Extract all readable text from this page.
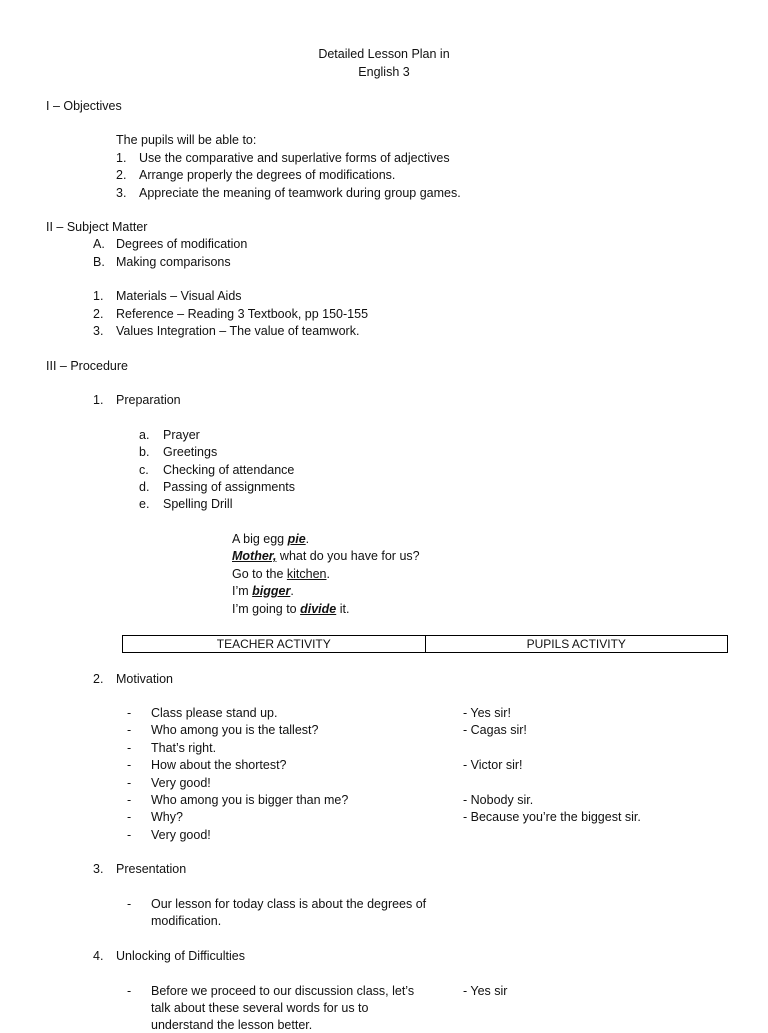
Detailed Lesson Plan in
English 3
I – Objectives
The pupils will be able to:
1. Use the comparative and superlative forms of adjectives
2. Arrange properly the degrees of modifications.
3. Appreciate the meaning of teamwork during group games.
II – Subject Matter
A. Degrees of modification
B. Making comparisons
1. Materials – Visual Aids
2. Reference – Reading 3 Textbook, pp 150-155
3. Values Integration – The value of teamwork.
III – Procedure
1. Preparation
a. Prayer
b. Greetings
c. Checking of attendance
d. Passing of assignments
e. Spelling Drill
A big egg pie.
Mother, what do you have for us?
Go to the kitchen.
I’m bigger.
I’m going to divide it.
TEACHER ACTIVITY	PUPILS ACTIVITY
2. Motivation
- Class please stand up.	- Yes sir!
- Who among you is the tallest?	- Cagas sir!
- That’s right.
- How about the shortest?	- Victor sir!
- Very good!
- Who among you is bigger than me?	- Nobody sir.
- Why?	- Because you’re the biggest sir.
- Very good!
3. Presentation
- Our lesson for today class is about the degrees of
modification.
4. Unlocking of Difficulties
- Before we proceed to our discussion class, let’s	- Yes sir
talk about these several words for us to
understand the lesson better.
